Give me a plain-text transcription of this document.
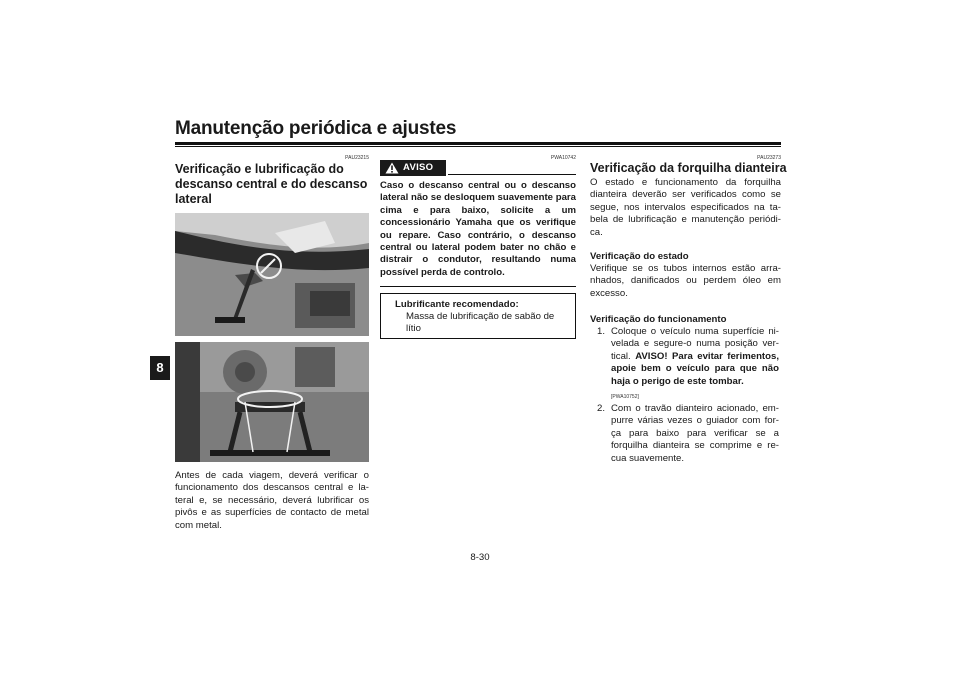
Manutenção periódica e ajustes
8
PAU23215
Verificação e lubrificação do descanso central e do descanso lateral
Antes de cada viagem, deverá verificar o funcionamento dos descansos central e la-teral e, se necessário, deverá lubrificar os pivôs e as superfícies de contacto de metal com metal.
PWA10742
AVISO
Caso o descanso central ou o descanso lateral não se desloquem suavemente para cima e para baixo, solicite a um concessionário Yamaha que os verifique ou repare. Caso contrário, o descanso central ou lateral podem bater no chão e distrair o condutor, resultando numa possível perda de controlo.
Lubrificante recomendado:
Massa de lubrificação de sabão de lítio
PAU23273
Verificação da forquilha dianteira
O estado e funcionamento da forquilha dianteira deverão ser verificados como se segue, nos intervalos especificados na ta-bela de lubrificação e manutenção periódi-ca.
Verificação do estado
Verifique se os tubos internos estão arra-nhados, danificados ou perdem óleo em excesso.
Verificação do funcionamento
1. Coloque o veículo numa superfície ni-velada e segure-o numa posição ver-tical. AVISO! Para evitar ferimentos, apoie bem o veículo para que não haja o perigo de este tombar.
[PWA10752]
2. Com o travão dianteiro acionado, em-purre várias vezes o guiador com for-ça para baixo para verificar se a forquilha dianteira se comprime e re-cua suavemente.
8-30
